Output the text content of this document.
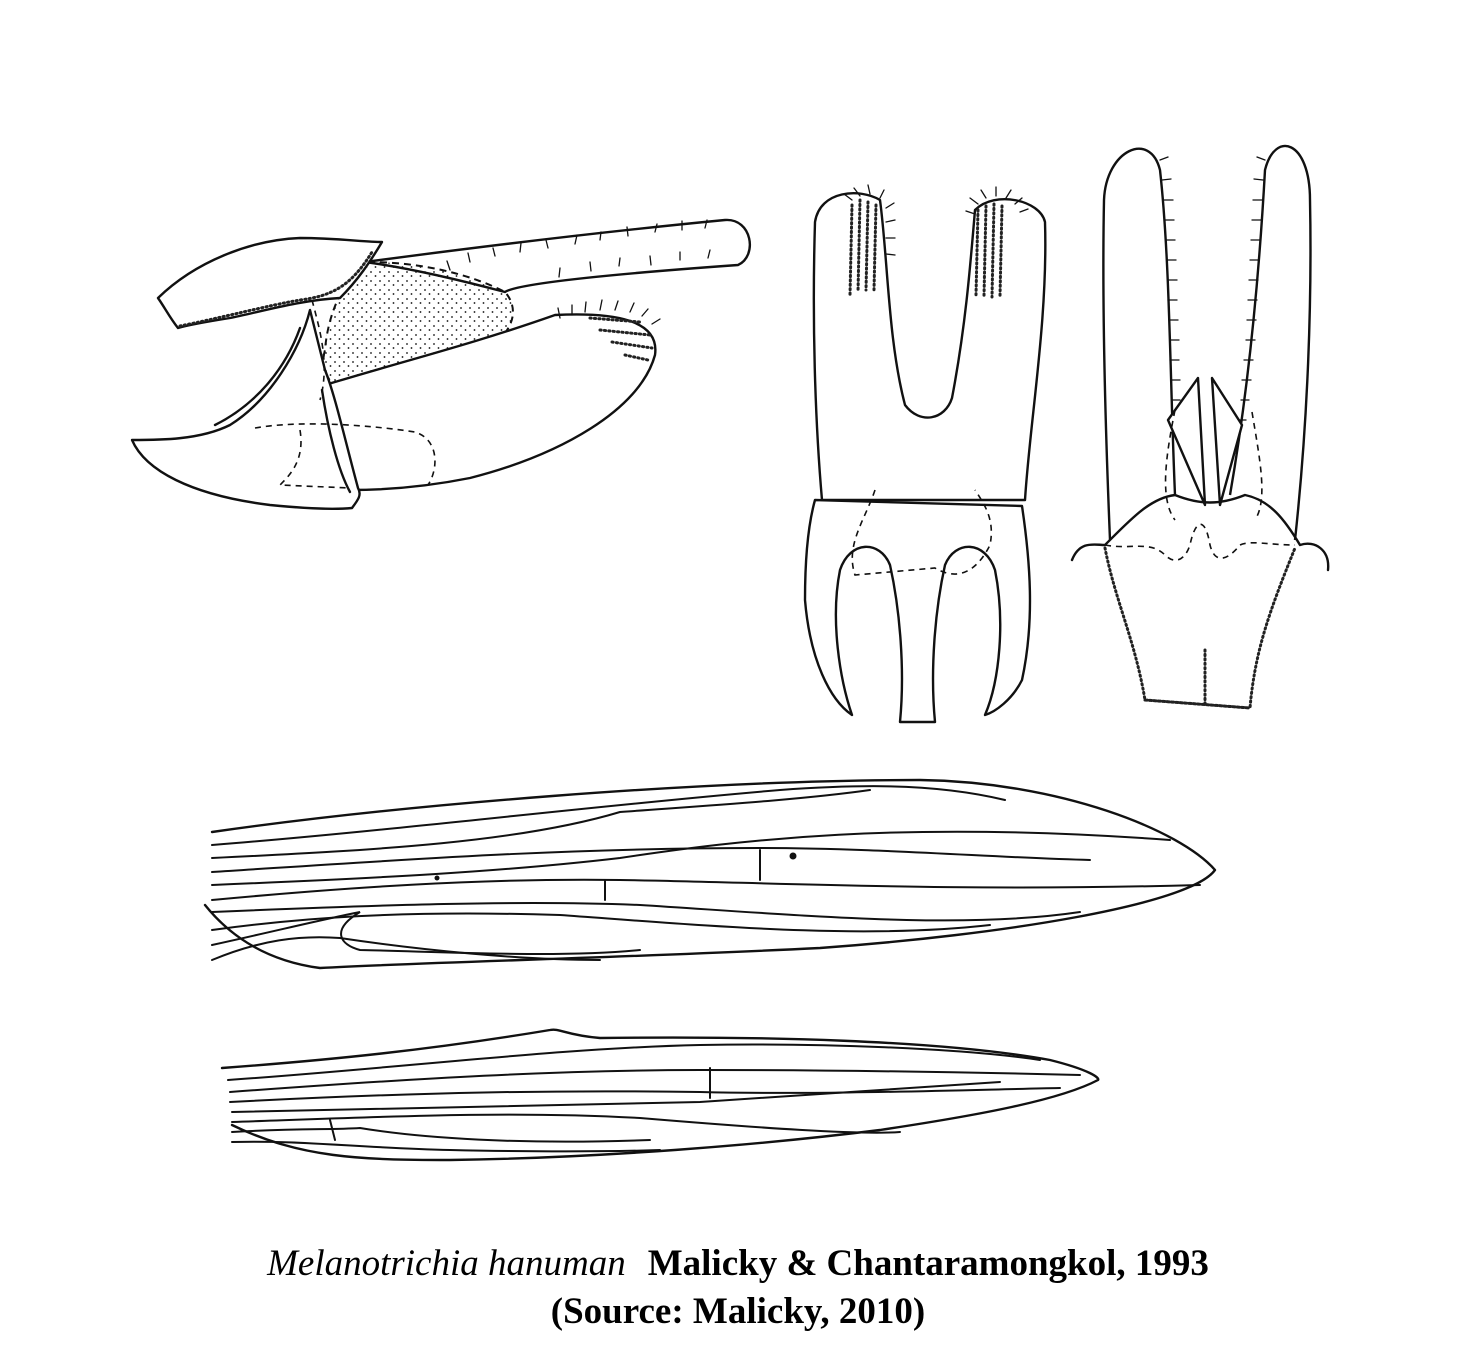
Melanotrichia hanuman Malicky & Chantaramongkol, 1993
(Source: Malicky, 2010)
